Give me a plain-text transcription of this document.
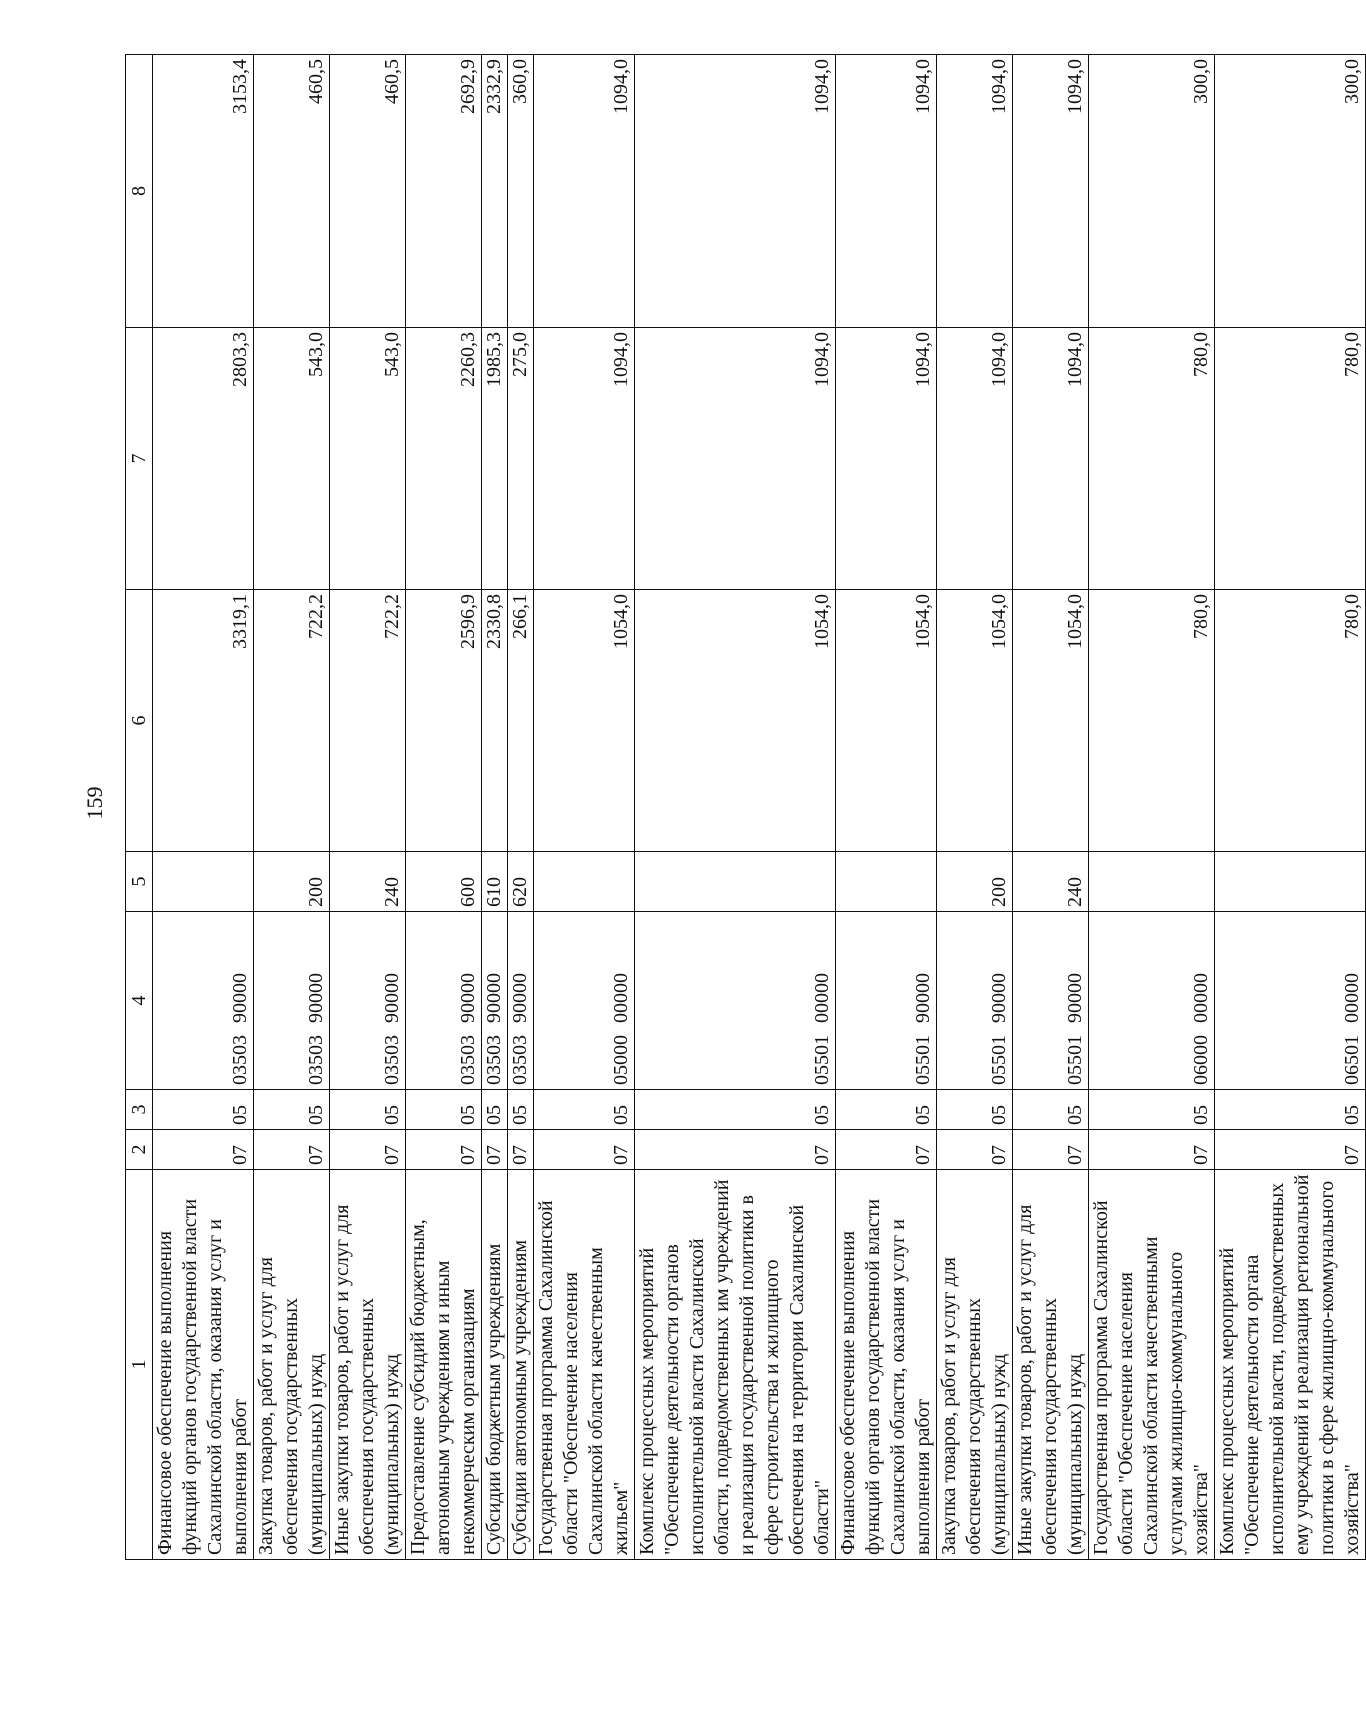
159
1	2	3	4	5	6	7	8
Финансовое обеспечение выполнения функций органов государственной власти Сахалинской области, оказания услуг и выполнения работ	07	05	0350390000		3319,1	2803,3	3153,4
Закупка товаров, работ и услуг для обеспечения государственных (муниципальных) нужд	07	05	0350390000	200	722,2	543,0	460,5
Иные закупки товаров, работ и услуг для обеспечения государственных (муниципальных) нужд	07	05	0350390000	240	722,2	543,0	460,5
Предоставление субсидий бюджетным, автономным учреждениям и иным некоммерческим организациям	07	05	0350390000	600	2596,9	2260,3	2692,9
Субсидии бюджетным учреждениям	07	05	0350390000	610	2330,8	1985,3	2332,9
Субсидии автономным учреждениям	07	05	0350390000	620	266,1	275,0	360,0
Государственная программа Сахалинской области "Обеспечение населения Сахалинской области качественным жильем"	07	05	0500000000		1054,0	1094,0	1094,0
Комплекс процессных мероприятий "Обеспечение деятельности органов исполнительной власти Сахалинской области, подведомственных им учреждений и реализация государственной политики в сфере строительства и жилищного обеспечения на территории Сахалинской области"	07	05	0550100000		1054,0	1094,0	1094,0
Финансовое обеспечение выполнения функций органов государственной власти Сахалинской области, оказания услуг и выполнения работ	07	05	0550190000		1054,0	1094,0	1094,0
Закупка товаров, работ и услуг для обеспечения государственных (муниципальных) нужд	07	05	0550190000	200	1054,0	1094,0	1094,0
Иные закупки товаров, работ и услуг для обеспечения государственных (муниципальных) нужд	07	05	0550190000	240	1054,0	1094,0	1094,0
Государственная программа Сахалинской области "Обеспечение населения Сахалинской области качественными услугами жилищно-коммунального хозяйства"	07	05	0600000000		780,0	780,0	300,0
Комплекс процессных мероприятий "Обеспечение деятельности органа исполнительной власти, подведомственных ему учреждений и реализация региональной политики в сфере жилищно-коммунального хозяйства"	07	05	0650100000		780,0	780,0	300,0
